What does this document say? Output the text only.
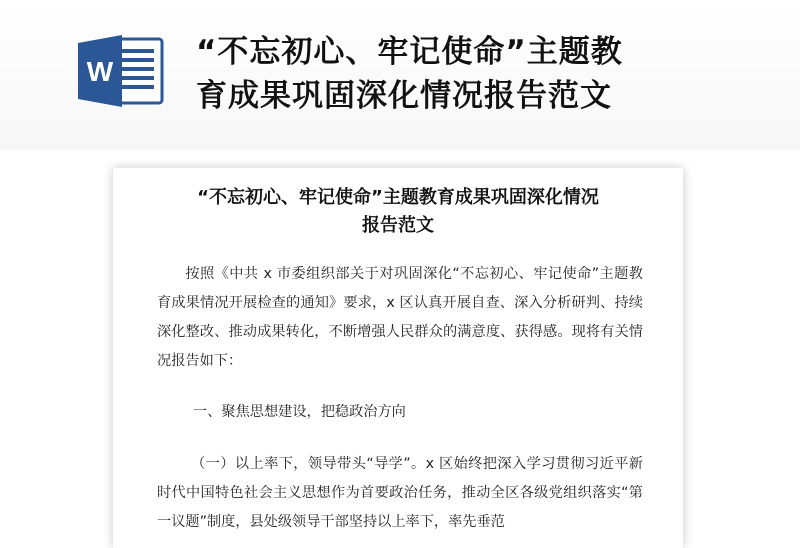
W
“不忘初心、牢记使命”主题教
育成果巩固深化情况报告范文
“不忘初心、牢记使命”主题教育成果巩固深化情况
报告范文
按照《中共 x 市委组织部关于对巩固深化“不忘初心、牢记使命”主题教育成果情况开展检查的通知》要求，x 区认真开展自查、深入分析研判、持续深化整改、推动成果转化，不断增强人民群众的满意度、获得感。现将有关情况报告如下：
一、聚焦思想建设，把稳政治方向
（一）以上率下，领导带头“导学”。x 区始终把深入学习贯彻习近平新时代中国特色社会主义思想作为首要政治任务，推动全区各级党组织落实“第一议题”制度，县处级领导干部坚持以上率下，率先垂范
